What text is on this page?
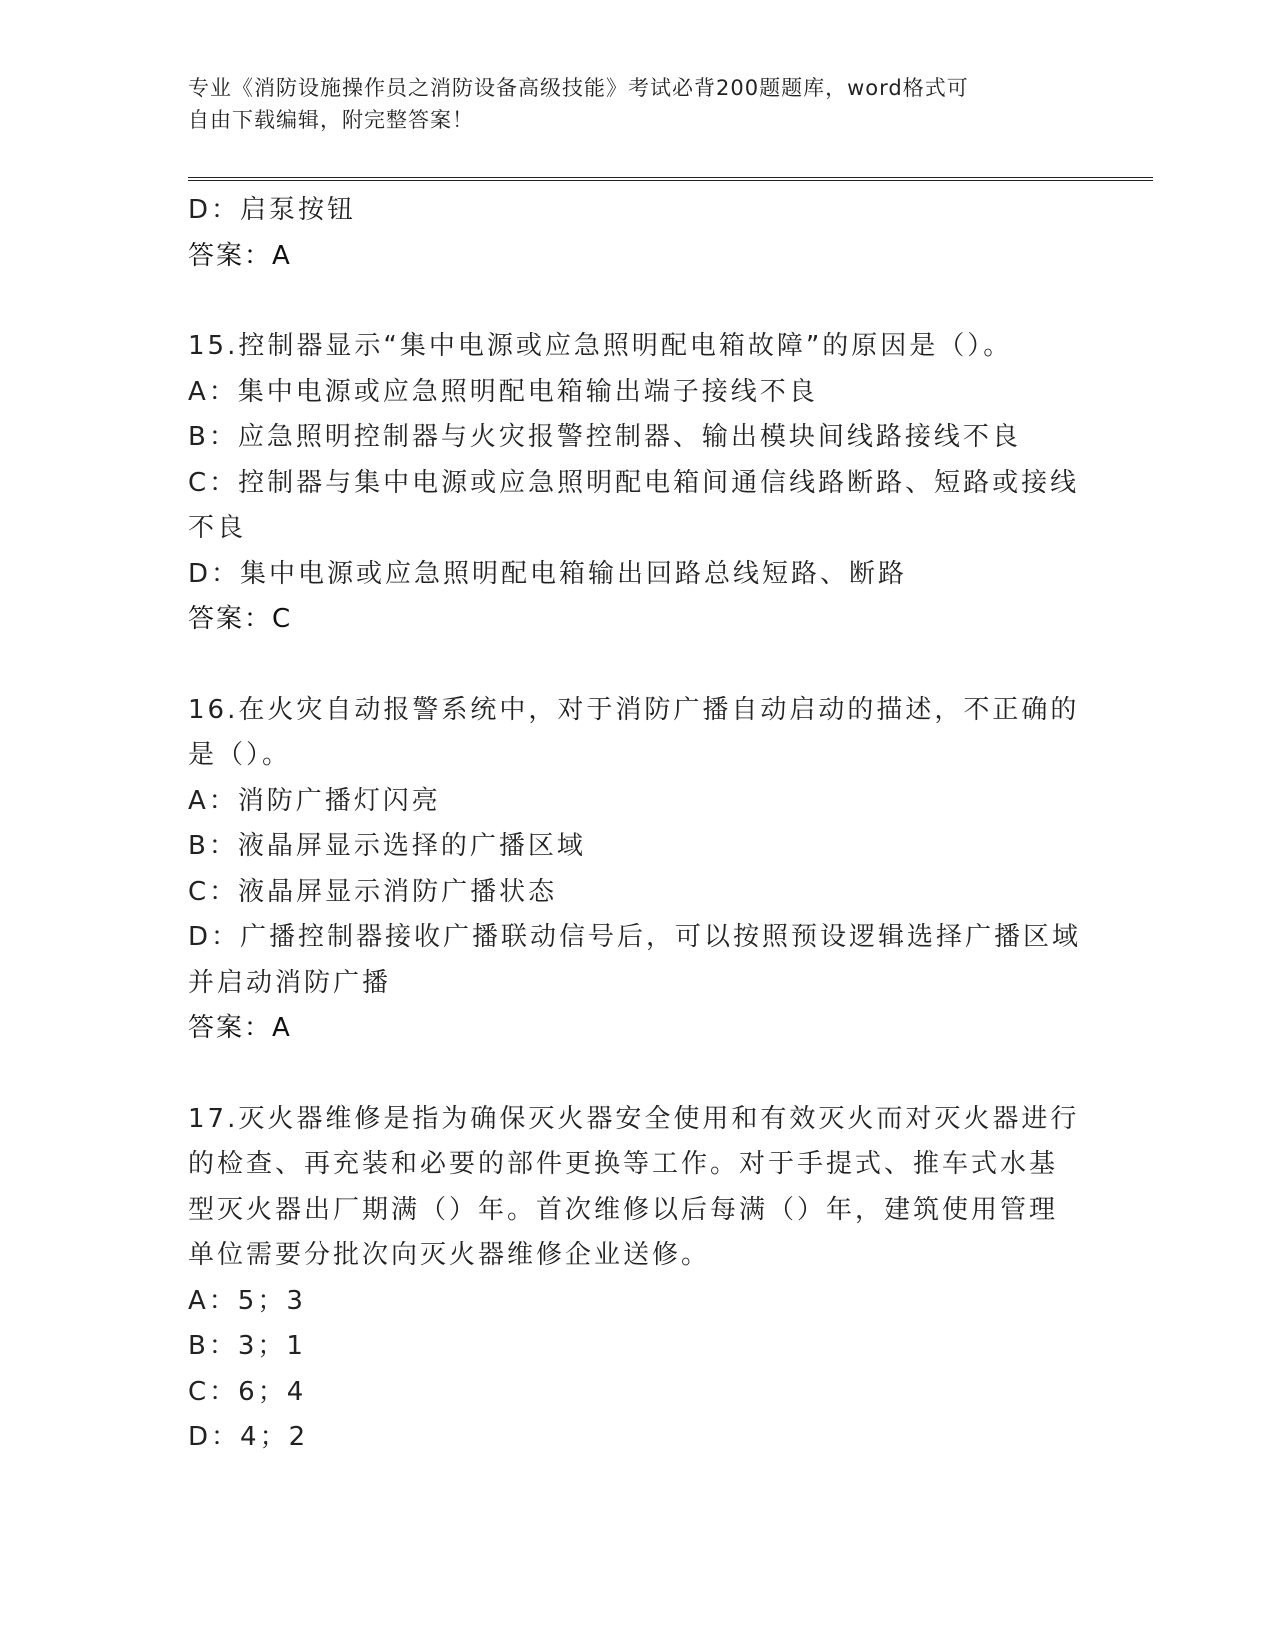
专业《消防设施操作员之消防设备高级技能》考试必背200题题库，word格式可
自由下载编辑，附完整答案！

D：启泵按钮

答案：A

15.控制器显示“集中电源或应急照明配电箱故障”的原因是（）。

A：集中电源或应急照明配电箱输出端子接线不良

B：应急照明控制器与火灾报警控制器、输出模块间线路接线不良

C：控制器与集中电源或应急照明配电箱间通信线路断路、短路或接线

不良

D：集中电源或应急照明配电箱输出回路总线短路、断路

答案：C

16.在火灾自动报警系统中，对于消防广播自动启动的描述，不正确的

是（）。

A：消防广播灯闪亮

B：液晶屏显示选择的广播区域

C：液晶屏显示消防广播状态

D：广播控制器接收广播联动信号后，可以按照预设逻辑选择广播区域

并启动消防广播

答案：A

17.灭火器维修是指为确保灭火器安全使用和有效灭火而对灭火器进行

的检查、再充装和必要的部件更换等工作。对于手提式、推车式水基

型灭火器出厂期满（）年。首次维修以后每满（）年，建筑使用管理

单位需要分批次向灭火器维修企业送修。

A：5；3

B：3；1

C：6；4

D：4；2
